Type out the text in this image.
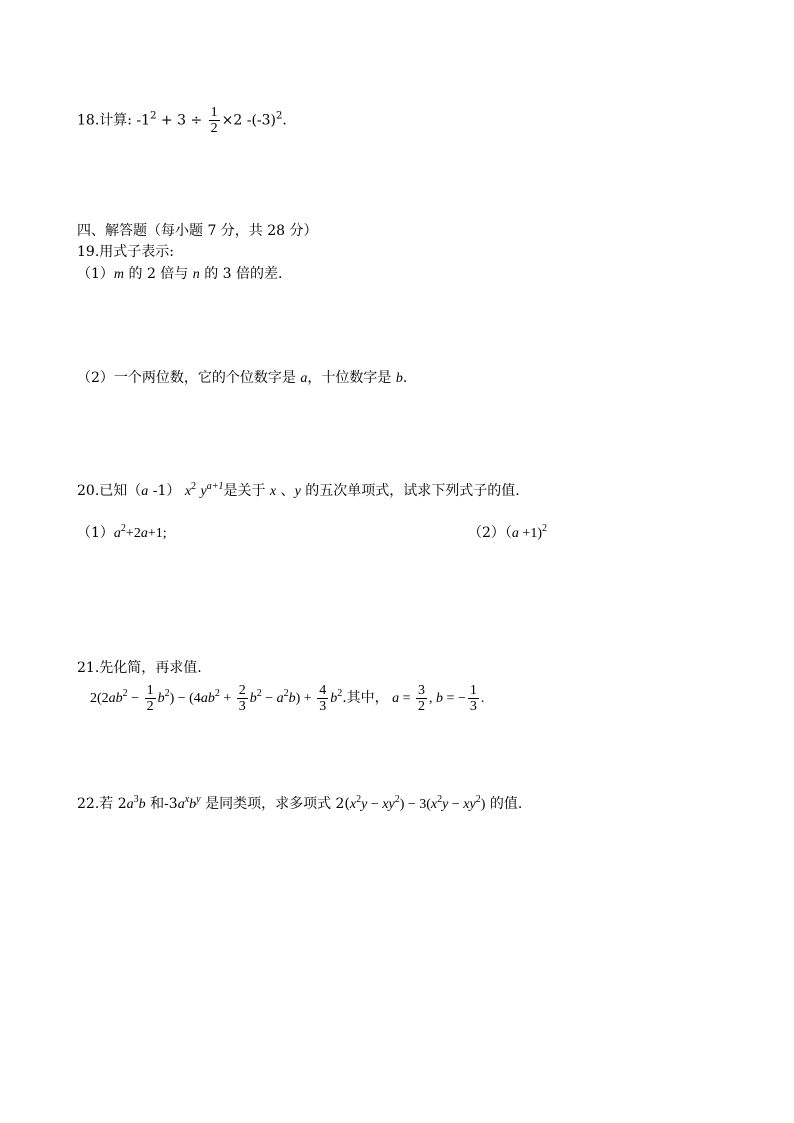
18.计算: $-1^2 + 3 \div \frac{1}{2} \times 2$ $-(-3)^2$.
四、解答题（每小题 7 分，共 28 分）
19.用式子表示:
（1）m 的 2 倍与 n 的 3 倍的差.
（2）一个两位数，它的个位数字是 a，十位数字是 b.
20.已知（a -1） $x^2$ $y^{a+1}$是关于 x 、y 的五次单项式，试求下列式子的值.
$(1)a^2+2a+1$;	（2）（a +1)$^2$
21.先化简，再求值.
$2(2ab^2 - \frac{1}{2} b^2) - (4ab^2 + \frac{2}{3} b^2 - a^2b) + \frac{4}{3} b^2$.其中， $a = \frac{3}{2}$ , b = − $\frac{1}{3}$ .
22.若 $2a^3b$ 和$-3a^xb^y$ 是同类项，求多项式 $2(x^2y - xy^2) - 3(x^2y - xy^2)$ 的值.
